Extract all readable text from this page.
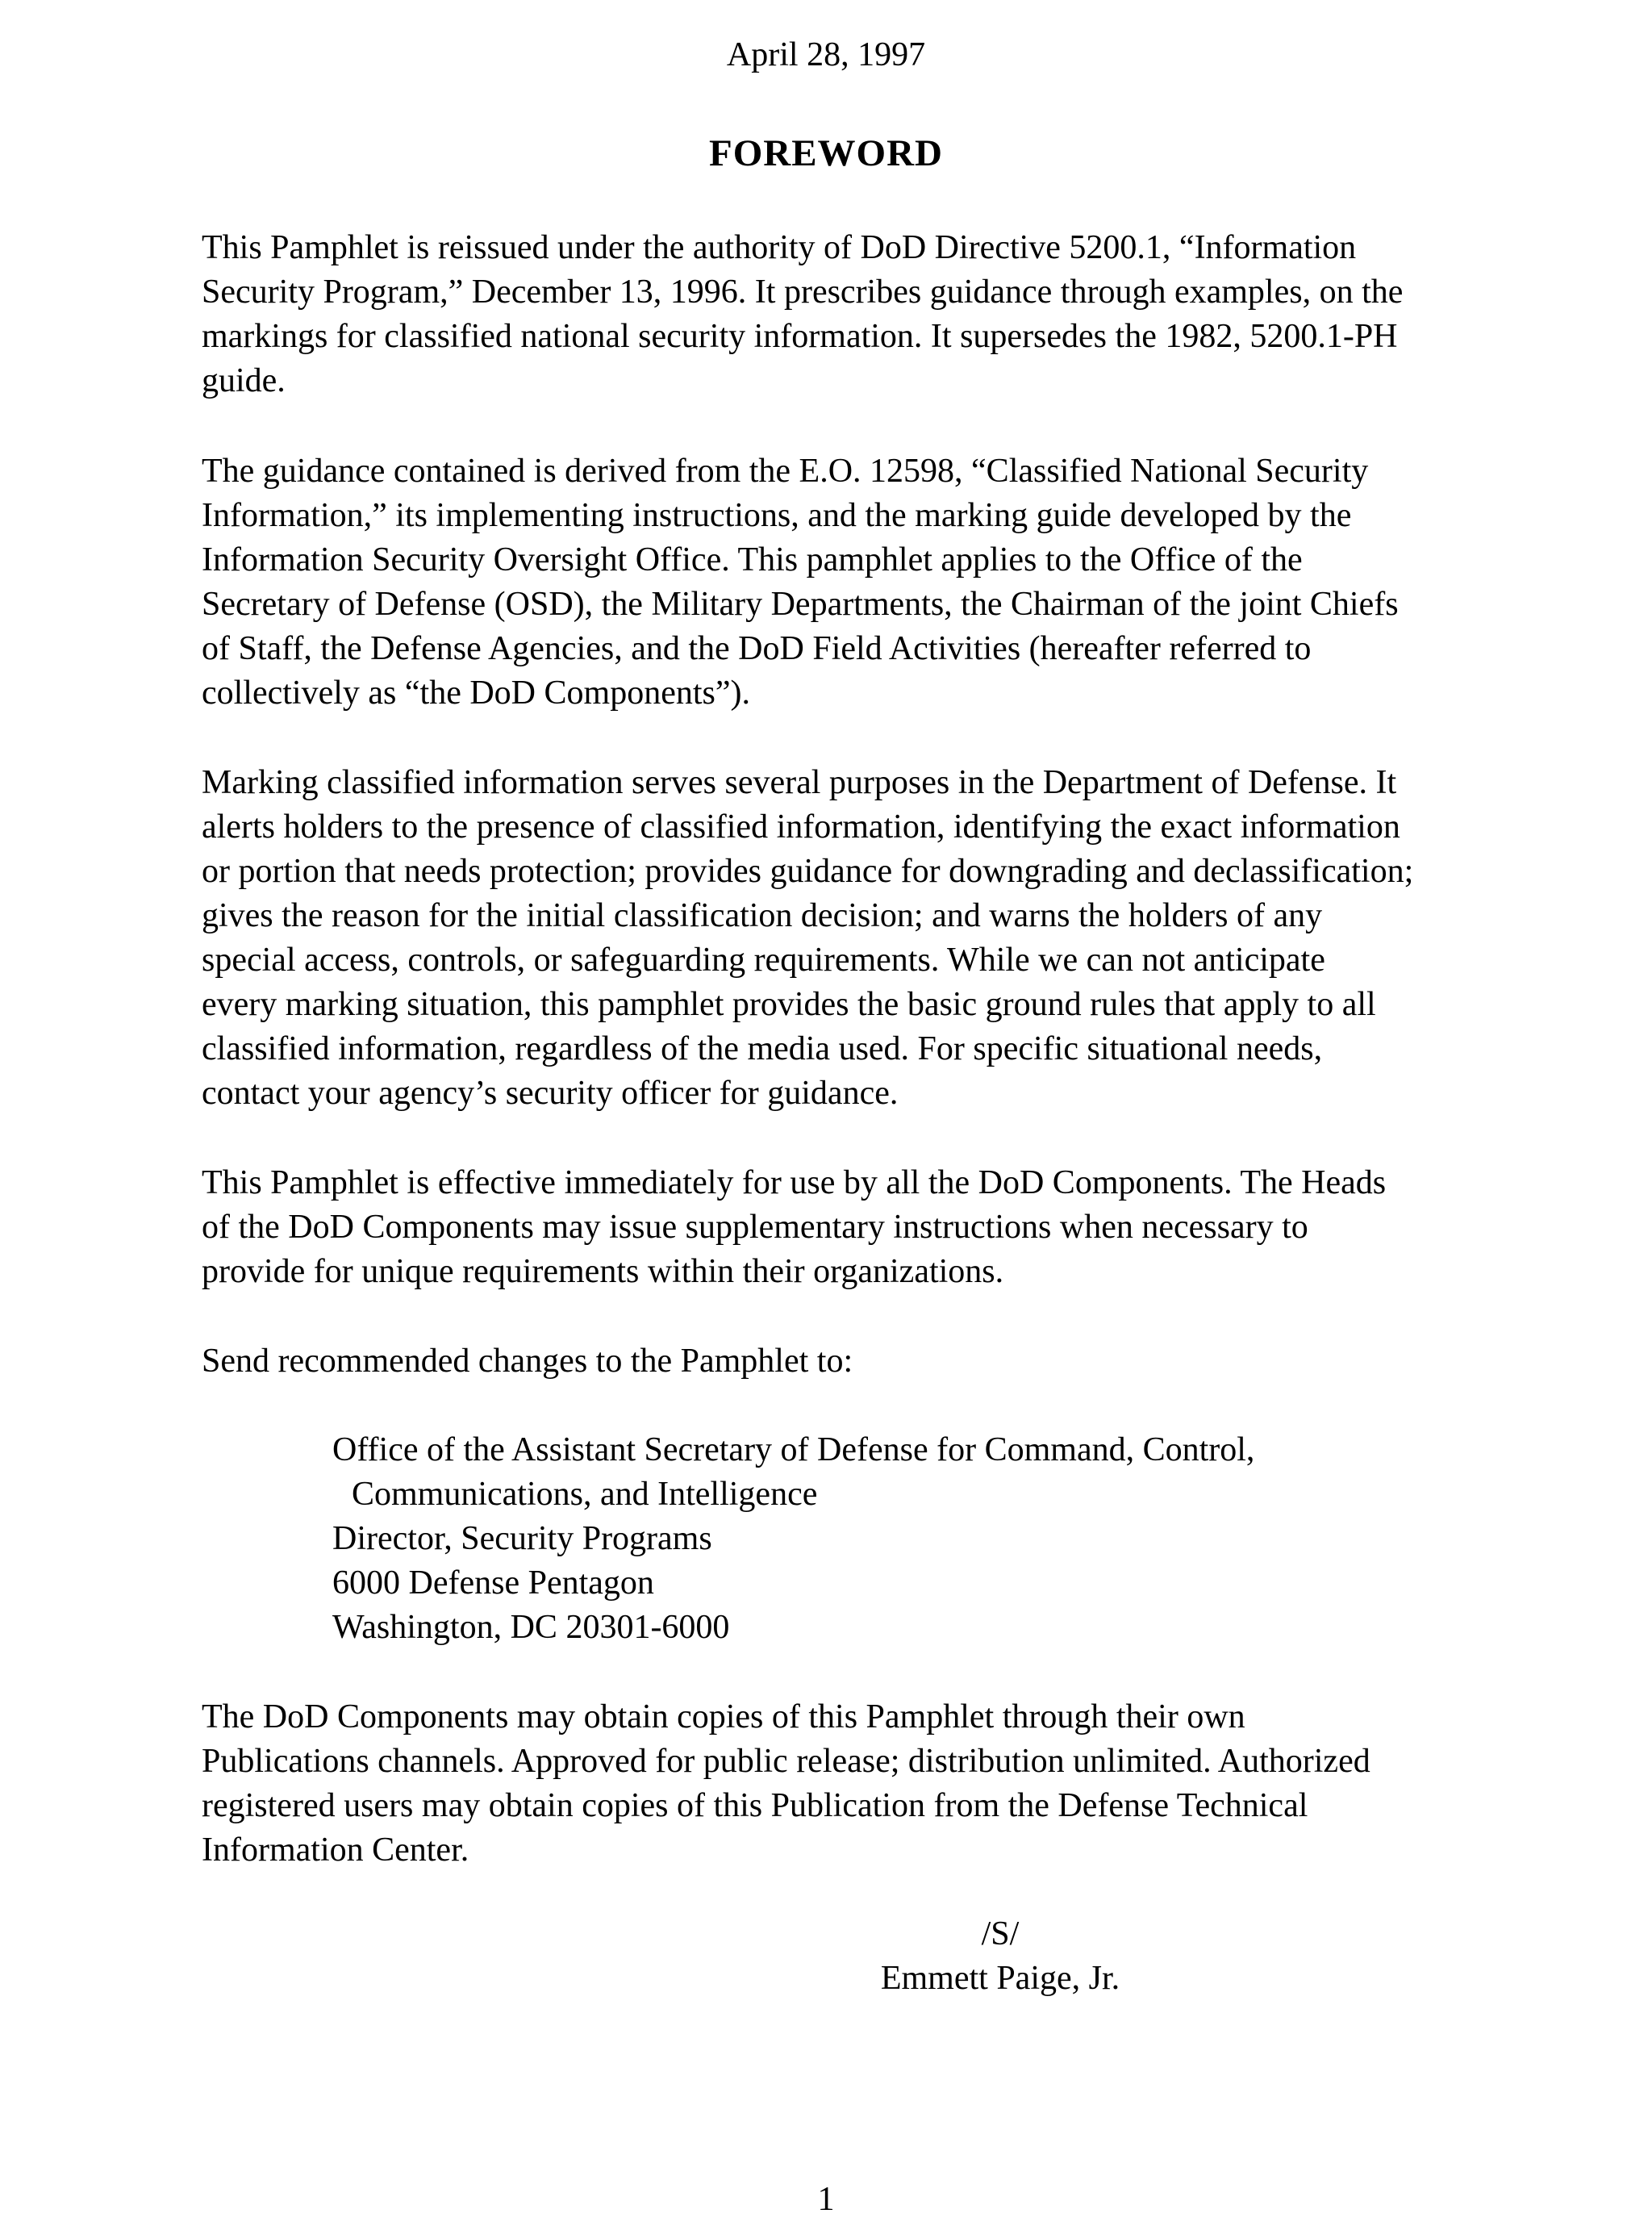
April 28, 1997
FOREWORD
This Pamphlet is reissued under the authority of DoD Directive 5200.1, “Information
Security Program,” December 13, 1996. It prescribes guidance through examples, on the
markings for classified national security information. It supersedes the 1982, 5200.1-PH
guide.
The guidance contained is derived from the E.O. 12598, “Classified National Security
Information,” its implementing instructions, and the marking guide developed by the
Information Security Oversight Office. This pamphlet applies to the Office of the
Secretary of Defense (OSD), the Military Departments, the Chairman of the joint Chiefs
of Staff, the Defense Agencies, and the DoD Field Activities (hereafter referred to
collectively as “the DoD Components”).
Marking classified information serves several purposes in the Department of Defense. It
alerts holders to the presence of classified information, identifying the exact information
or portion that needs protection; provides guidance for downgrading and declassification;
gives the reason for the initial classification decision; and warns the holders of any
special access, controls, or safeguarding requirements. While we can not anticipate
every marking situation, this pamphlet provides the basic ground rules that apply to all
classified information, regardless of the media used. For specific situational needs,
contact your agency’s security officer for guidance.
This Pamphlet is effective immediately for use by all the DoD Components. The Heads
of the DoD Components may issue supplementary instructions when necessary to
provide for unique requirements within their organizations.
Send recommended changes to the Pamphlet to:
Office of the Assistant Secretary of Defense for Command, Control,
Communications, and Intelligence
Director, Security Programs
6000 Defense Pentagon
Washington, DC 20301-6000
The DoD Components may obtain copies of this Pamphlet through their own
Publications channels. Approved for public release; distribution unlimited. Authorized
registered users may obtain copies of this Publication from the Defense Technical
Information Center.
/S/
Emmett Paige, Jr.
1
